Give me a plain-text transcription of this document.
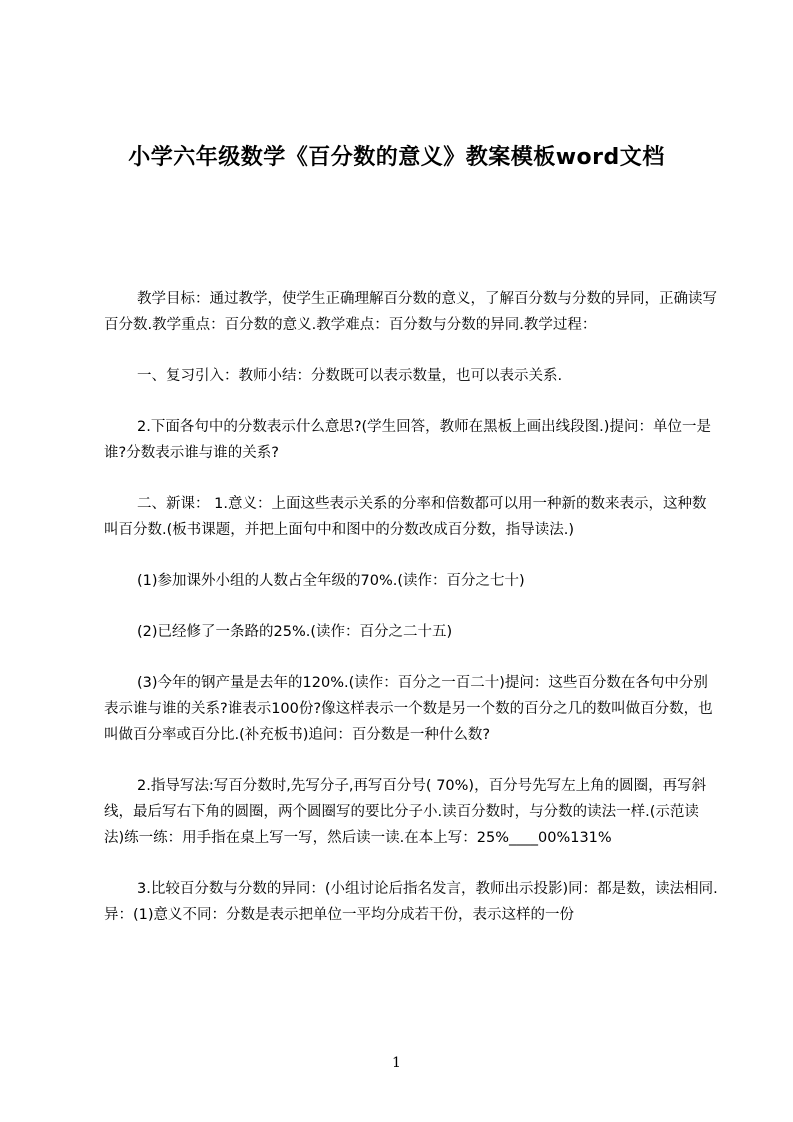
小学六年级数学《百分数的意义》教案模板word文档

教学目标：通过教学，使学生正确理解百分数的意义，了解百分数与分数的异同，正确读写百分数.教学重点：百分数的意义.教学难点：百分数与分数的异同.教学过程：

一、复习引入：教师小结：分数既可以表示数量，也可以表示关系.

2.下面各句中的分数表示什么意思?(学生回答，教师在黑板上画出线段图.)提问：单位一是谁?分数表示谁与谁的关系?

二、新课： 1.意义：上面这些表示关系的分率和倍数都可以用一种新的数来表示，这种数叫百分数.(板书课题，并把上面句中和图中的分数改成百分数，指导读法.)

(1)参加课外小组的人数占全年级的70%.(读作：百分之七十)

(2)已经修了一条路的25%.(读作：百分之二十五)

(3)今年的钢产量是去年的120%.(读作：百分之一百二十)提问：这些百分数在各句中分别表示谁与谁的关系?谁表示100份?像这样表示一个数是另一个数的百分之几的数叫做百分数，也叫做百分率或百分比.(补充板书)追问：百分数是一种什么数?

2.指导写法:写百分数时,先写分子,再写百分号( 70%)，百分号先写左上角的圆圈，再写斜线，最后写右下角的圆圈，两个圆圈写的要比分子小.读百分数时，与分数的读法一样.(示范读法)练一练：用手指在桌上写一写，然后读一读.在本上写：25%____00%131%

3.比较百分数与分数的异同：(小组讨论后指名发言，教师出示投影)同：都是数，读法相同.异：(1)意义不同：分数是表示把单位一平均分成若干份，表示这样的一份

1
